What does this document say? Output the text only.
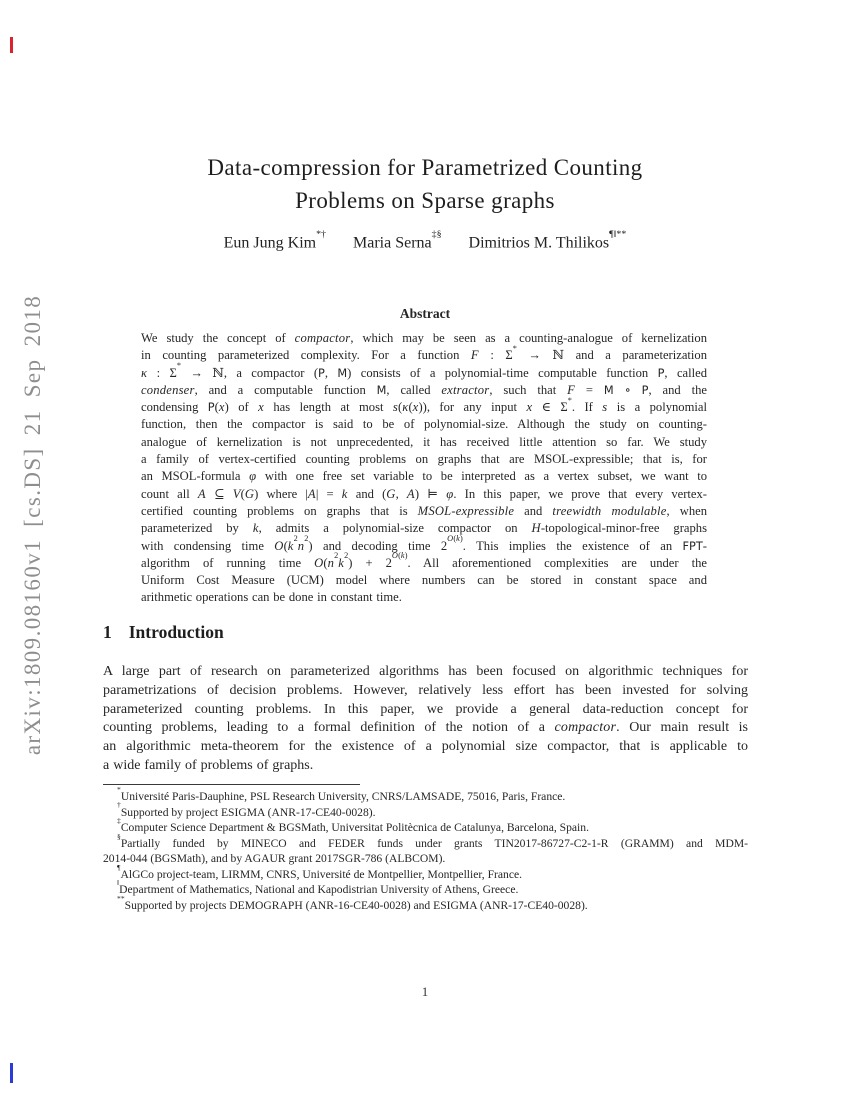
arXiv:1809.08160v1 [cs.DS] 21 Sep 2018
Data-compression for Parametrized Counting
Problems on Sparse graphs
Eun Jung Kim*†
Maria Serna‡§
Dimitrios M. Thilikos¶‖**
Abstract
We study the concept of compactor, which may be seen as a counting-analogue of kernelization
in counting parameterized complexity. For a function F : Σ* → ℕ and a parameterization
κ : Σ* → ℕ, a compactor (P, M) consists of a polynomial-time computable function P, called
condenser, and a computable function M, called extractor, such that F = M ∘ P, and the
condensing P(x) of x has length at most s(κ(x)), for any input x ∈ Σ*. If s is a polynomial
function, then the compactor is said to be of polynomial-size. Although the study on counting-
analogue of kernelization is not unprecedented, it has received little attention so far. We study
a family of vertex-certified counting problems on graphs that are MSOL-expressible; that is, for
an MSOL-formula φ with one free set variable to be interpreted as a vertex subset, we want to
count all A ⊆ V(G) where |A| = k and (G, A) ⊨ φ. In this paper, we prove that every vertex-
certified counting problems on graphs that is MSOL-expressible and treewidth modulable, when
parameterized by k, admits a polynomial-size compactor on H-topological-minor-free graphs
with condensing time $O(k^2n^2)$ and decoding time $2^{O(k)}$. This implies the existence of an FPT-
algorithm of running time $O(n^2k^2) + 2^{O(k)}$. All aforementioned complexities are under the
Uniform Cost Measure (UCM) model where numbers can be stored in constant space and
arithmetic operations can be done in constant time.
1 Introduction
A large part of research on parameterized algorithms has been focused on algorithmic techniques for
parametrizations of decision problems. However, relatively less effort has been invested for solving
parameterized counting problems. In this paper, we provide a general data-reduction concept for
counting problems, leading to a formal definition of the notion of a compactor. Our main result is
an algorithmic meta-theorem for the existence of a polynomial size compactor, that is applicable to
a wide family of problems of graphs.
*Université Paris-Dauphine, PSL Research University, CNRS/LAMSADE, 75016, Paris, France.
†Supported by project ESIGMA (ANR-17-CE40-0028).
‡Computer Science Department & BGSMath, Universitat Politècnica de Catalunya, Barcelona, Spain.
§Partially funded by MINECO and FEDER funds under grants TIN2017-86727-C2-1-R (GRAMM) and MDM-
2014-044 (BGSMath), and by AGAUR grant 2017SGR-786 (ALBCOM).
¶AlGCo project-team, LIRMM, CNRS, Université de Montpellier, Montpellier, France.
‖Department of Mathematics, National and Kapodistrian University of Athens, Greece.
**Supported by projects DEMOGRAPH (ANR-16-CE40-0028) and ESIGMA (ANR-17-CE40-0028).
1
